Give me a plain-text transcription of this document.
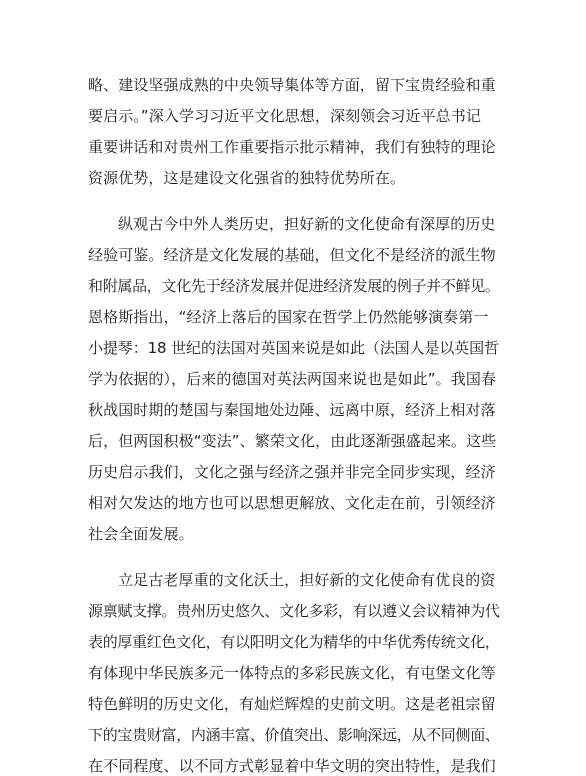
略、建设坚强成熟的中央领导集体等方面，留下宝贵经验和重
要启示。”深入学习习近平文化思想，深刻领会习近平总书记
重要讲话和对贵州工作重要指示批示精神，我们有独特的理论
资源优势，这是建设文化强省的独特优势所在。
纵观古今中外人类历史，担好新的文化使命有深厚的历史
经验可鉴。经济是文化发展的基础，但文化不是经济的派生物
和附属品，文化先于经济发展并促进经济发展的例子并不鲜见。
恩格斯指出，“经济上落后的国家在哲学上仍然能够演奏第一
小提琴：18 世纪的法国对英国来说是如此（法国人是以英国哲
学为依据的），后来的德国对英法两国来说也是如此”。我国春
秋战国时期的楚国与秦国地处边陲、远离中原，经济上相对落
后，但两国积极“变法”、繁荣文化，由此逐渐强盛起来。这些
历史启示我们，文化之强与经济之强并非完全同步实现，经济
相对欠发达的地方也可以思想更解放、文化走在前，引领经济
社会全面发展。
立足古老厚重的文化沃土，担好新的文化使命有优良的资
源禀赋支撑。贵州历史悠久、文化多彩，有以遵义会议精神为代
表的厚重红色文化，有以阳明文化为精华的中华优秀传统文化，
有体现中华民族多元一体特点的多彩民族文化，有屯堡文化等
特色鲜明的历史文化，有灿烂辉煌的史前文明。这是老祖宗留
下的宝贵财富，内涵丰富、价值突出、影响深远，从不同侧面、
在不同程度、以不同方式彰显着中华文明的突出特性，是我们
